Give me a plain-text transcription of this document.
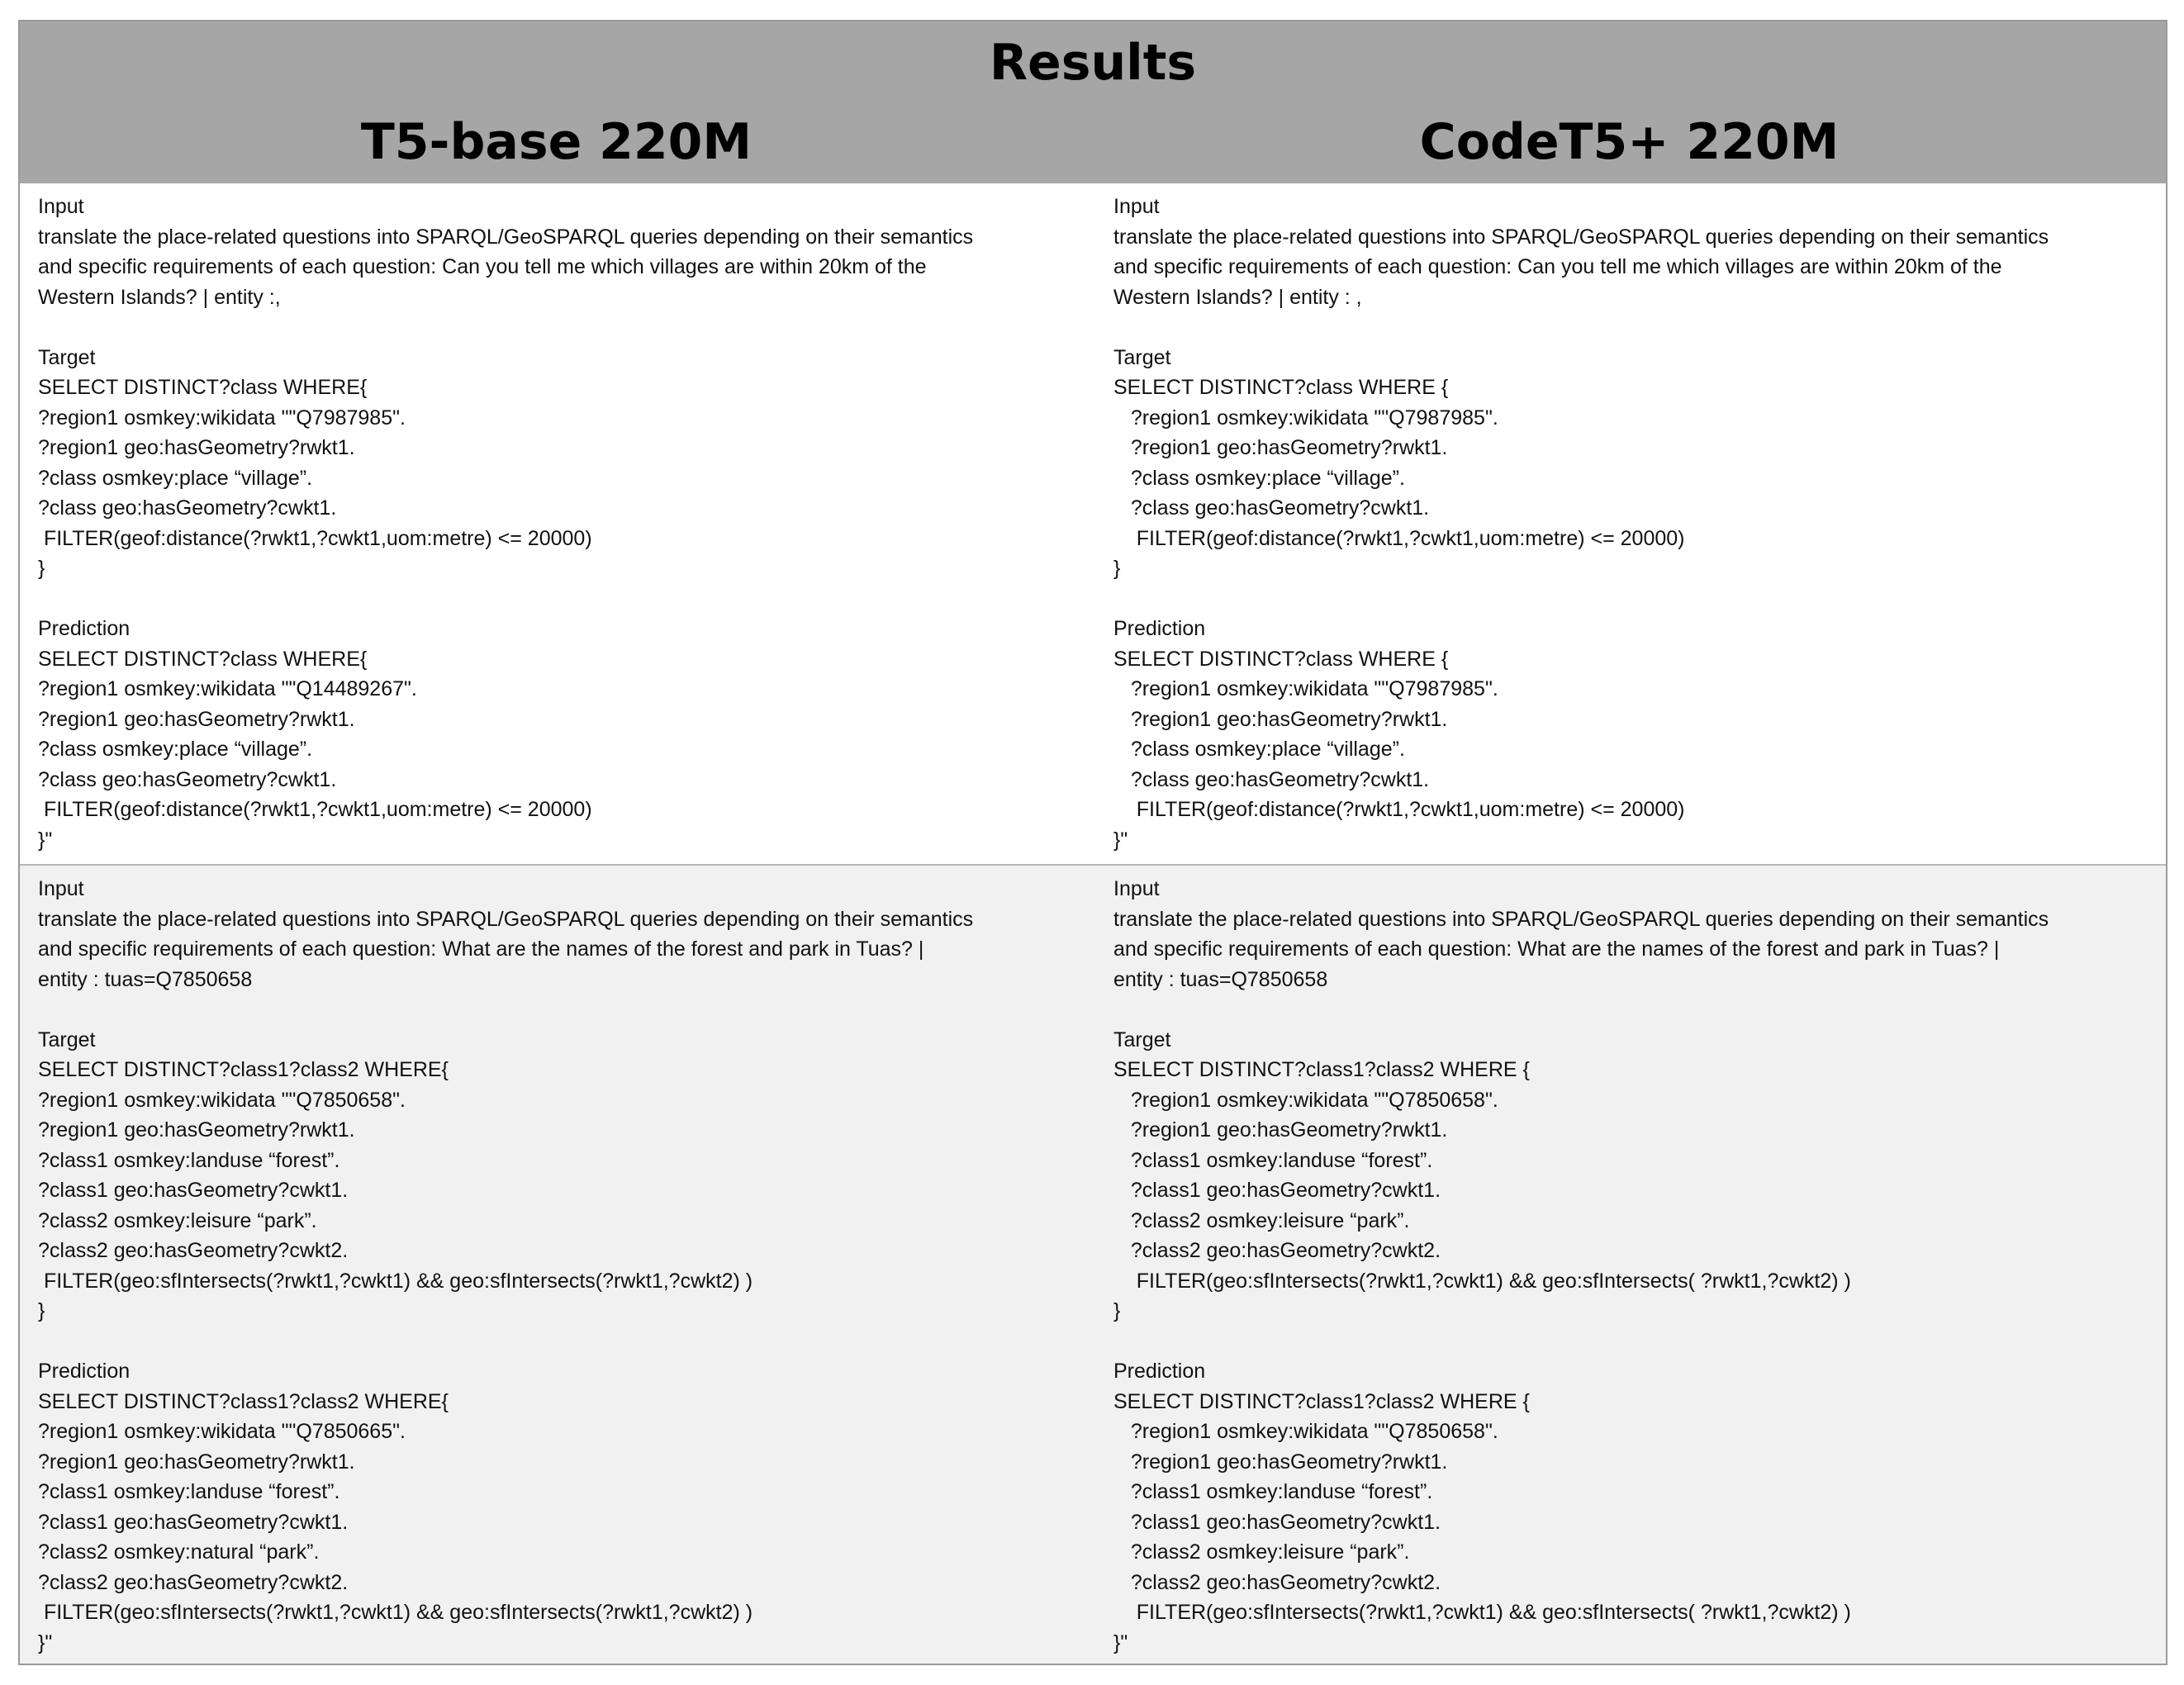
Results
T5-base 220M	CodeT5+ 220M
Input
translate the place-related questions into SPARQL/GeoSPARQL queries depending on their semantics
and specific requirements of each question: Can you tell me which villages are within 20km of the
Western Islands? | entity :,
Target
SELECT DISTINCT?class WHERE{
?region1 osmkey:wikidata ""Q7987985".
?region1 geo:hasGeometry?rwkt1.
?class osmkey:place “village”.
?class geo:hasGeometry?cwkt1.
FILTER(geof:distance(?rwkt1,?cwkt1,uom:metre) <= 20000)
}
Prediction
SELECT DISTINCT?class WHERE{
?region1 osmkey:wikidata ""Q14489267".
?region1 geo:hasGeometry?rwkt1.
?class osmkey:place “village”.
?class geo:hasGeometry?cwkt1.
FILTER(geof:distance(?rwkt1,?cwkt1,uom:metre) <= 20000)
}"
Input
translate the place-related questions into SPARQL/GeoSPARQL queries depending on their semantics
and specific requirements of each question: Can you tell me which villages are within 20km of the
Western Islands? | entity : ,
Target
SELECT DISTINCT?class WHERE {
?region1 osmkey:wikidata ""Q7987985".
?region1 geo:hasGeometry?rwkt1.
?class osmkey:place “village”.
?class geo:hasGeometry?cwkt1.
FILTER(geof:distance(?rwkt1,?cwkt1,uom:metre) <= 20000)
}
Prediction
SELECT DISTINCT?class WHERE {
?region1 osmkey:wikidata ""Q7987985".
?region1 geo:hasGeometry?rwkt1.
?class osmkey:place “village”.
?class geo:hasGeometry?cwkt1.
FILTER(geof:distance(?rwkt1,?cwkt1,uom:metre) <= 20000)
}"
Input
translate the place-related questions into SPARQL/GeoSPARQL queries depending on their semantics
and specific requirements of each question: What are the names of the forest and park in Tuas? |
entity : tuas=Q7850658
Target
SELECT DISTINCT?class1?class2 WHERE{
?region1 osmkey:wikidata ""Q7850658".
?region1 geo:hasGeometry?rwkt1.
?class1 osmkey:landuse “forest”.
?class1 geo:hasGeometry?cwkt1.
?class2 osmkey:leisure “park”.
?class2 geo:hasGeometry?cwkt2.
FILTER(geo:sfIntersects(?rwkt1,?cwkt1) && geo:sfIntersects(?rwkt1,?cwkt2) )
}
Prediction
SELECT DISTINCT?class1?class2 WHERE{
?region1 osmkey:wikidata ""Q7850665".
?region1 geo:hasGeometry?rwkt1.
?class1 osmkey:landuse “forest”.
?class1 geo:hasGeometry?cwkt1.
?class2 osmkey:natural “park”.
?class2 geo:hasGeometry?cwkt2.
FILTER(geo:sfIntersects(?rwkt1,?cwkt1) && geo:sfIntersects(?rwkt1,?cwkt2) )
}"
Input
translate the place-related questions into SPARQL/GeoSPARQL queries depending on their semantics
and specific requirements of each question: What are the names of the forest and park in Tuas? |
entity : tuas=Q7850658
Target
SELECT DISTINCT?class1?class2 WHERE {
?region1 osmkey:wikidata ""Q7850658".
?region1 geo:hasGeometry?rwkt1.
?class1 osmkey:landuse “forest”.
?class1 geo:hasGeometry?cwkt1.
?class2 osmkey:leisure “park”.
?class2 geo:hasGeometry?cwkt2.
FILTER(geo:sfIntersects(?rwkt1,?cwkt1) && geo:sfIntersects( ?rwkt1,?cwkt2) )
}
Prediction
SELECT DISTINCT?class1?class2 WHERE {
?region1 osmkey:wikidata ""Q7850658".
?region1 geo:hasGeometry?rwkt1.
?class1 osmkey:landuse “forest”.
?class1 geo:hasGeometry?cwkt1.
?class2 osmkey:leisure “park”.
?class2 geo:hasGeometry?cwkt2.
FILTER(geo:sfIntersects(?rwkt1,?cwkt1) && geo:sfIntersects( ?rwkt1,?cwkt2) )
}"
